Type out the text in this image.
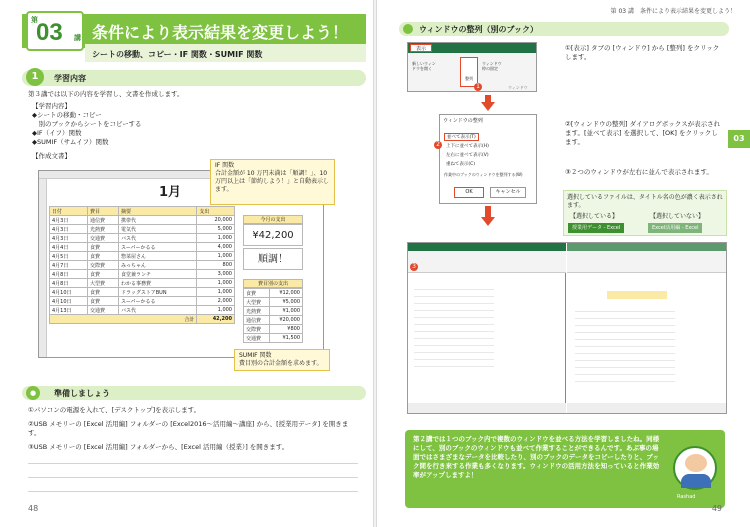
第
03 講 条件により表示結果を変更しよう！
シートの移動、コピー・IF 関数・SUMIF 関数
1	学習内容
第３講では以下の内容を学習し、文書を作成します。
【学習内容】
◆シートの移動・コピー
　別のブックからシートをコピーする
◆IF（イフ）関数
◆SUMIF（サムイフ）関数
【作成文書】
1月
日付	費目	摘要	支出
4月3日	通信費	携帯代	20,000
4月3日	光熱費	電気代	5,000
4月3日	交通費	バス代	1,000
4月4日	食費	スーパーかるる	4,000
4月5日	食費	惣菜屋さん	1,000
4月7日	交際費	みっちゃん	800
4月8日	食費	食堂兼ランチ	3,000
4月8日	大型費	わかる事務費	1,000
4月10日	食費	ドラッグストアBUN	1,000
4月10日	食費	スーパーかるる	2,000
4月13日	交通費	バス代	1,000
合計			42,200
今月の支出
¥42,200
順調！
費目別の支出
食費	¥12,000
大型費	¥5,000
光熱費	¥1,000
通信費	¥20,000
交際費	¥800
交通費	¥1,500
IF 関数
合計金額が 10 万円未満は「順調！」、10 万円以上は「節約しよう！」と自動表示します。
SUMIF 関数
費目別の合計金額を求めます。
●	準備しましょう
①パソコンの電源を入れて、[デスクトップ]を表示します。
②USB メモリーの [Excel 活用編] フォルダーの [Excel2016～活用編～講座] から、[授業用データ] を開きます。
③USB メモリーの [Excel 活用編] フォルダーから、[Excel 活用編（授業）] を開きます。
48
第 03 講　条件により表示結果を変更しよう！
ウィンドウの整列（別のブック）
03
表示
新しいウィンドウを開く
整列
ウィンドウ枠の固定
ウィンドウ
1
ウィンドウの整列
並べて表示(T)
上下に並べて表示(H)
左右に並べて表示(V)
重ねて表示(C)
作業中のブックのウィンドウを整列する(W)
OK	キャンセル
2
①[表示] タブの [ウィンドウ] から [整列] をクリックします。
②[ウィンドウの整列] ダイアログボックスが表示されます。[並べて表示] を選択して、[OK] をクリックします。
③２つのウィンドウが左右に並んで表示されます。
選択しているファイルは、タイトル名の色が濃く表示されます。
【選択している】	【選択していない】
授業用データ - Excel	Excel活用編 - Excel
3
第２講では１つのブック内で複数のウィンドウを並べる方法を学習しましたね。同様にして、別のブックのウィンドウも並べて作業することができるんです。あぶ事の場面ではさまざまなデータを比較したり、別のブックのデータをコピーしたりと、ブック間を行き来する作業も多くなります。ウィンドウの活用方法を知っていると作業効率がアップしますよ！
Rashad
49
